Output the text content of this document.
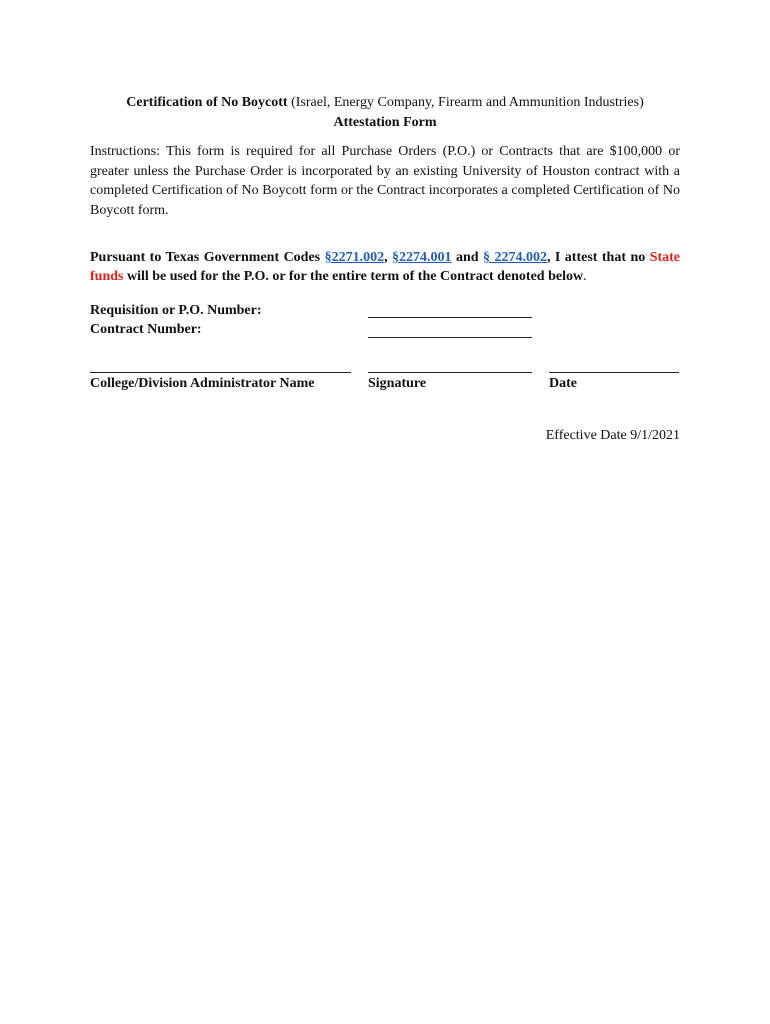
Certification of No Boycott (Israel, Energy Company, Firearm and Ammunition Industries)
Attestation Form

Instructions: This form is required for all Purchase Orders (P.O.) or Contracts that are $100,000 or greater unless the Purchase Order is incorporated by an existing University of Houston contract with a completed Certification of No Boycott form or the Contract incorporates a completed Certification of No Boycott form.

Pursuant to Texas Government Codes §2271.002, §2274.001 and § 2274.002, I attest that no State funds will be used for the P.O. or for the entire term of the Contract denoted below.

Requisition or P.O. Number:
Contract Number:
College/Division Administrator Name	Signature	Date
Effective Date 9/1/2021
